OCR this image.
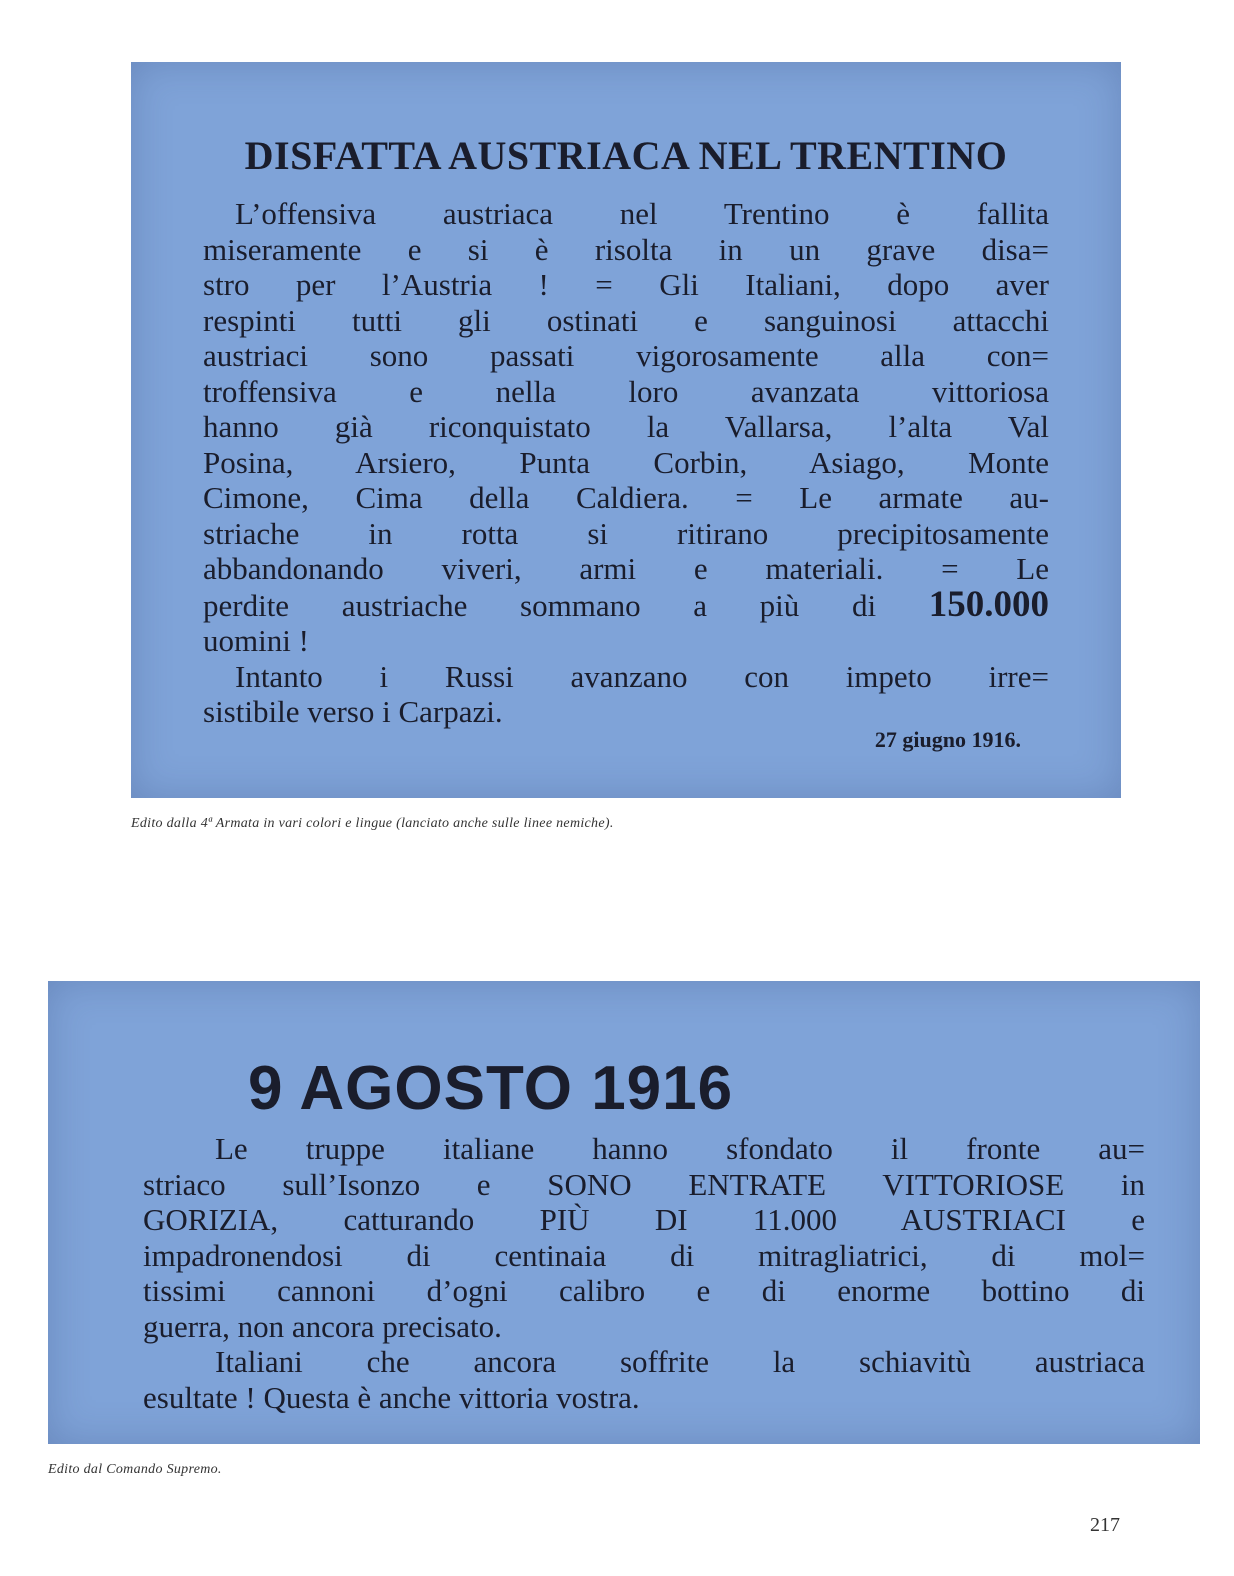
DISFATTA AUSTRIACA NEL TRENTINO
L’offensiva austriaca nel Trentino è fallita
miseramente e si è risolta in un grave disa=
stro per l’Austria ! = Gli Italiani, dopo aver
respinti tutti gli ostinati e sanguinosi attacchi
austriaci sono passati vigorosamente alla con=
troffensiva e nella loro avanzata vittoriosa
hanno già riconquistato la Vallarsa, l’alta Val
Posina, Arsiero, Punta Corbin, Asiago, Monte
Cimone, Cima della Caldiera. = Le armate au-
striache in rotta si ritirano precipitosamente
abbandonando viveri, armi e materiali. = Le
perdite austriache sommano a più di 150.000
uomini !
Intanto i Russi avanzano con impeto irre=
sistibile verso i Carpazi.
27 giugno 1916.
Edito dalla 4ª Armata in vari colori e lingue (lanciato anche sulle linee nemiche).
9 AGOSTO 1916
Le truppe italiane hanno sfondato il fronte au=
striaco sull’Isonzo e SONO ENTRATE VITTORIOSE in
GORIZIA, catturando PIÙ DI 11.000 AUSTRIACI e
impadronendosi di centinaia di mitragliatrici, di mol=
tissimi cannoni d’ogni calibro e di enorme bottino di
guerra, non ancora precisato.
Italiani che ancora soffrite la schiavitù austriaca
esultate ! Questa è anche vittoria vostra.
Edito dal Comando Supremo.
217
